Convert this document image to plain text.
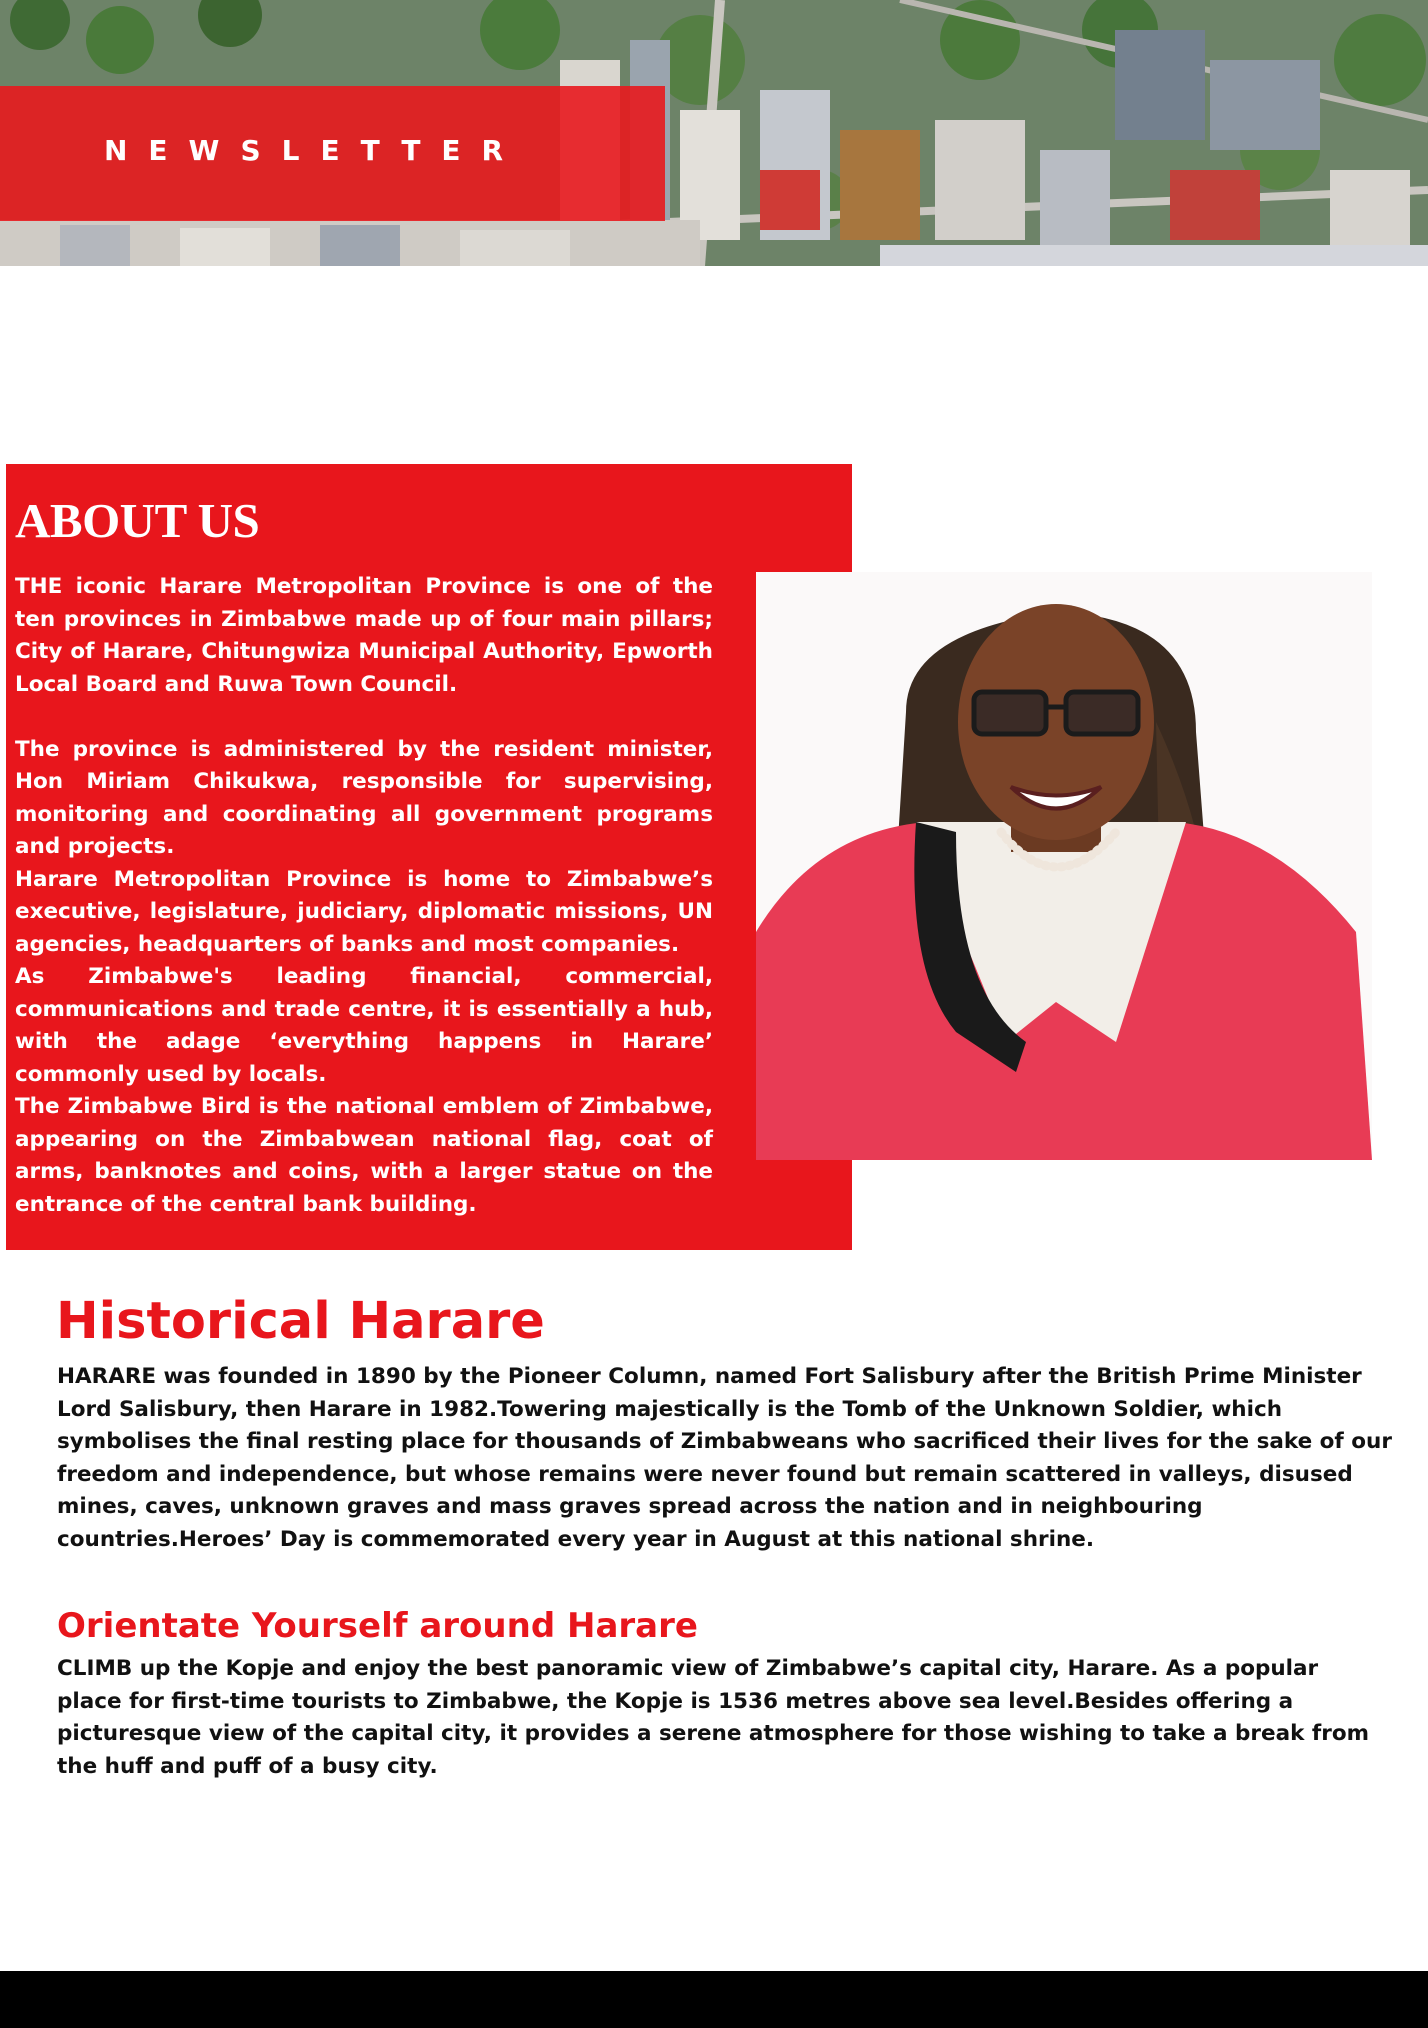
NEWSLETTER
ABOUT US

THE iconic Harare Metropolitan Province is one of the ten provinces in Zimbabwe made up of four main pillars; City of Harare, Chitungwiza Municipal Authority, Epworth Local Board and Ruwa Town Council.

The province is administered by the resident minister, Hon Miriam Chikukwa, responsible for supervising, monitoring and coordinating all government programs and projects.

Harare Metropolitan Province is home to Zimbabwe’s executive, legislature, judiciary, diplomatic missions, UN agencies, headquarters of banks and most companies.

As Zimbabwe's leading financial, commercial, communications and trade centre, it is essentially a hub, with the adage ‘everything happens in Harare’ commonly used by locals.

The Zimbabwe Bird is the national emblem of Zimbabwe, appearing on the Zimbabwean national flag, coat of arms, banknotes and coins, with a larger statue on the entrance of the central bank building.

Historical Harare

HARARE was founded in 1890 by the Pioneer Column, named Fort Salisbury after the British Prime Minister Lord Salisbury, then Harare in 1982.Towering majestically is the Tomb of the Unknown Soldier, which symbolises the final resting place for thousands of Zimbabweans who sacrificed their lives for the sake of our freedom and independence, but whose remains were never found but remain scattered in valleys, disused mines, caves, unknown graves and mass graves spread across the nation and in neighbouring countries.Heroes’ Day is commemorated every year in August at this national shrine.

Orientate Yourself around Harare

CLIMB up the Kopje and enjoy the best panoramic view of Zimbabwe’s capital city, Harare. As a popular place for first-time tourists to Zimbabwe, the Kopje is 1536 metres above sea level.Besides offering a picturesque view of the capital city, it provides a serene atmosphere for those wishing to take a break from the huff and puff of a busy city.
